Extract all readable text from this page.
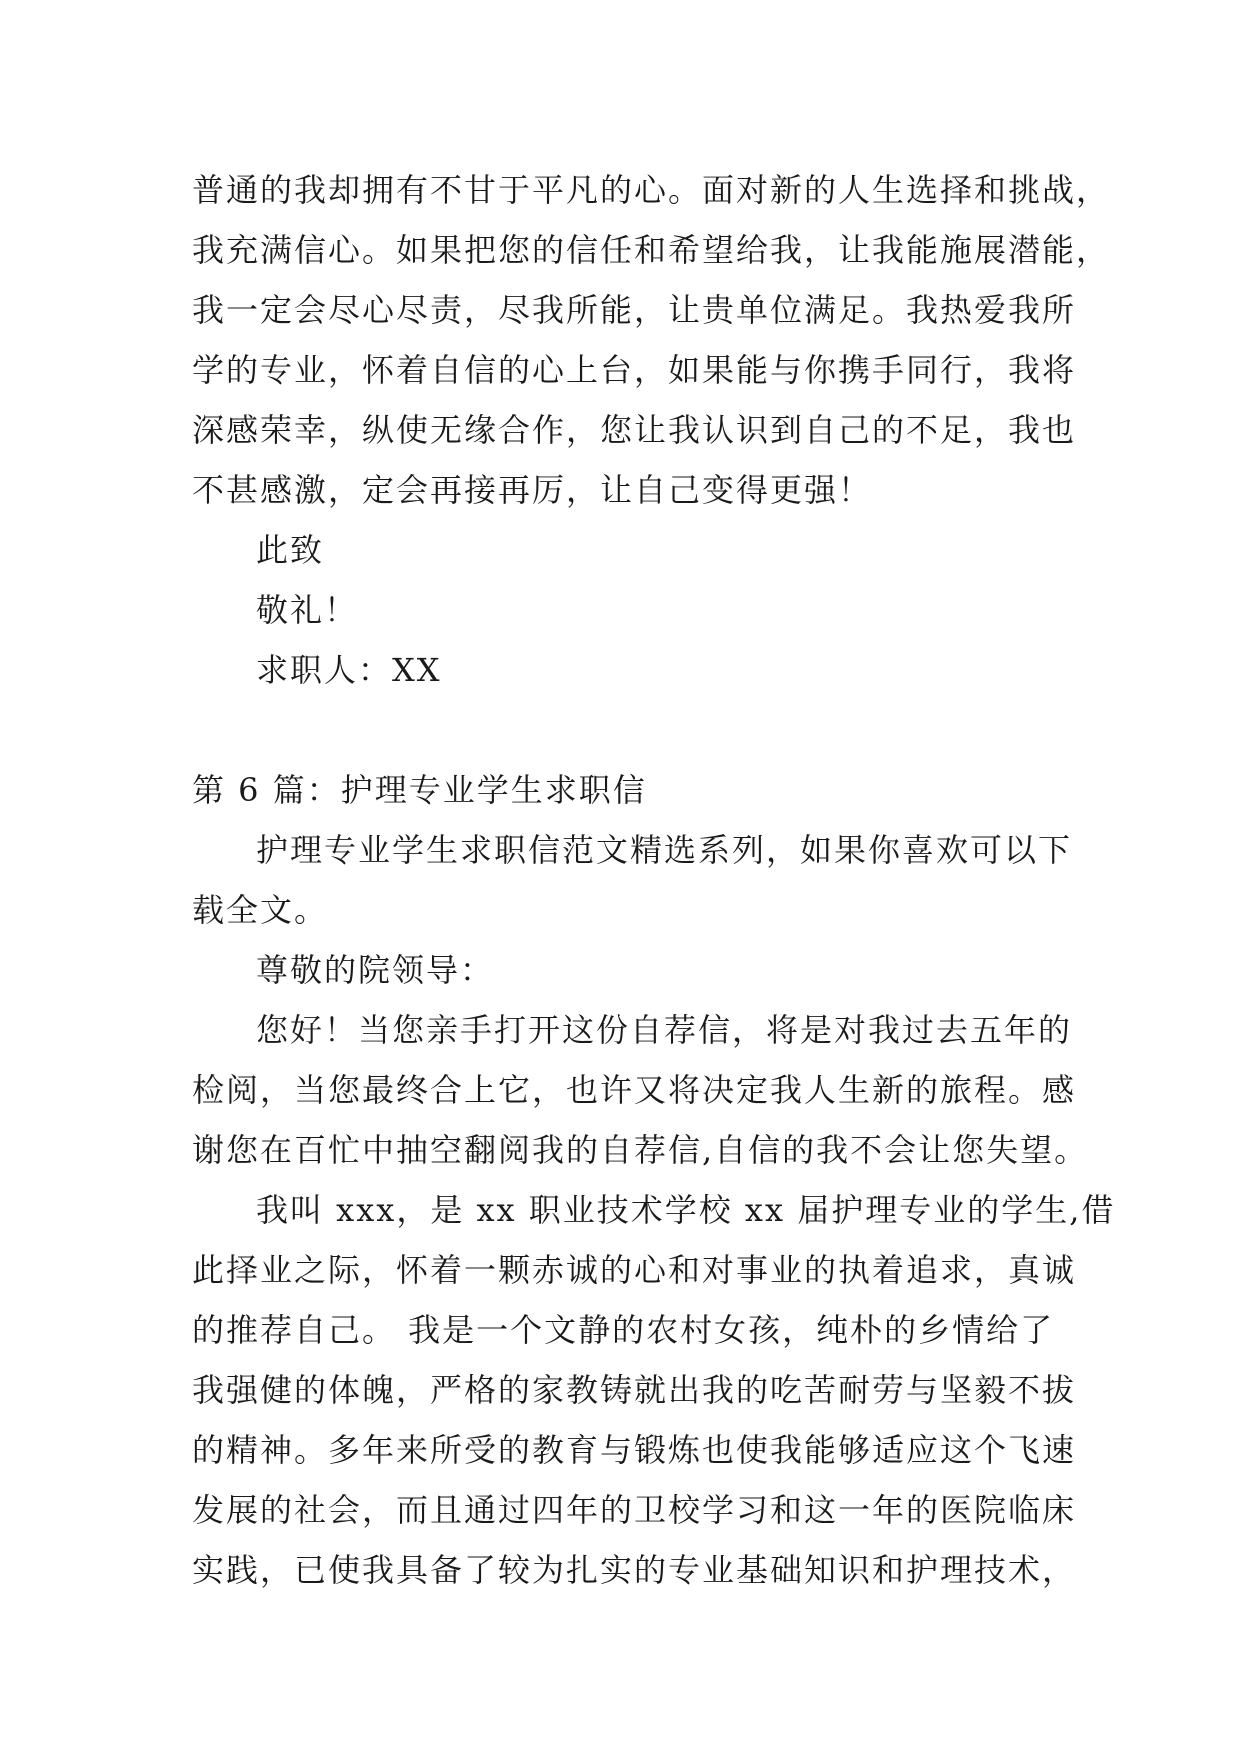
普通的我却拥有不甘于平凡的心。面对新的人生选择和挑战，
我充满信心。如果把您的信任和希望给我，让我能施展潜能，
我一定会尽心尽责，尽我所能，让贵单位满足。我热爱我所
学的专业，怀着自信的心上台，如果能与你携手同行，我将
深感荣幸，纵使无缘合作，您让我认识到自己的不足，我也
不甚感激，定会再接再厉，让自己变得更强！
此致
敬礼！
求职人：XX
第 6 篇：护理专业学生求职信
护理专业学生求职信范文精选系列，如果你喜欢可以下
载全文。
尊敬的院领导：
您好！当您亲手打开这份自荐信，将是对我过去五年的
检阅，当您最终合上它，也许又将决定我人生新的旅程。感
谢您在百忙中抽空翻阅我的自荐信,自信的我不会让您失望。
我叫 xxx，是 xx 职业技术学校 xx 届护理专业的学生,借
此择业之际，怀着一颗赤诚的心和对事业的执着追求，真诚
的推荐自己。 我是一个文静的农村女孩，纯朴的乡情给了
我强健的体魄，严格的家教铸就出我的吃苦耐劳与坚毅不拔
的精神。多年来所受的教育与锻炼也使我能够适应这个飞速
发展的社会，而且通过四年的卫校学习和这一年的医院临床
实践，已使我具备了较为扎实的专业基础知识和护理技术，
